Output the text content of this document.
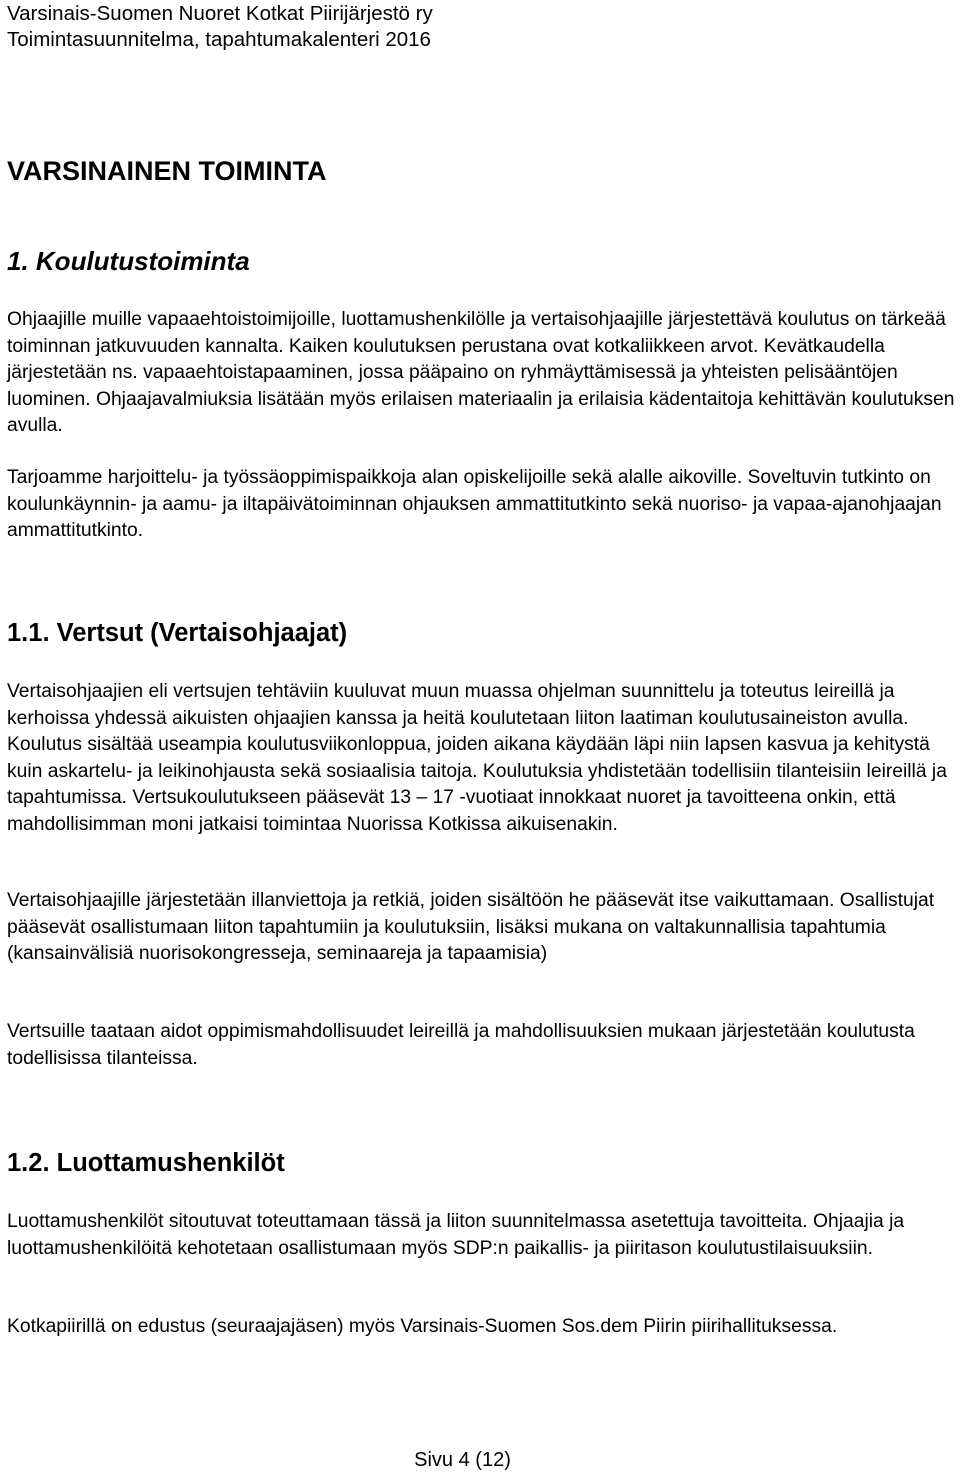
Varsinais-Suomen Nuoret Kotkat Piirijärjestö ry
Toimintasuunnitelma, tapahtumakalenteri 2016
VARSINAINEN TOIMINTA
1. Koulutustoiminta

Ohjaajille muille vapaaehtoistoimijoille, luottamushenkilölle ja vertaisohjaajille järjestettävä koulutus on tärkeää toiminnan jatkuvuuden kannalta. Kaiken koulutuksen perustana ovat kotkaliikkeen arvot. Kevätkaudella järjestetään ns. vapaaehtoistapaaminen, jossa pääpaino on ryhmäyttämisessä ja yhteisten pelisääntöjen luominen. Ohjaajavalmiuksia lisätään myös erilaisen materiaalin ja erilaisia kädentaitoja kehittävän koulutuksen avulla.

Tarjoamme harjoittelu- ja työssäoppimispaikkoja alan opiskelijoille sekä alalle aikoville. Soveltuvin tutkinto on koulunkäynnin- ja aamu- ja iltapäivätoiminnan ohjauksen ammattitutkinto sekä nuoriso- ja vapaa-ajanohjaajan ammattitutkinto.

1.1. Vertsut (Vertaisohjaajat)

Vertaisohjaajien eli vertsujen tehtäviin kuuluvat muun muassa ohjelman suunnittelu ja toteutus leireillä ja kerhoissa yhdessä aikuisten ohjaajien kanssa ja heitä koulutetaan liiton laatiman koulutusaineiston avulla. Koulutus sisältää useampia koulutusviikonloppua, joiden aikana käydään läpi niin lapsen kasvua ja kehitystä kuin askartelu- ja leikinohjausta sekä sosiaalisia taitoja. Koulutuksia yhdistetään todellisiin tilanteisiin leireillä ja tapahtumissa. Vertsukoulutukseen pääsevät 13 – 17 -vuotiaat innokkaat nuoret ja tavoitteena onkin, että mahdollisimman moni jatkaisi toimintaa Nuorissa Kotkissa aikuisenakin.

Vertaisohjaajille järjestetään illanviettoja ja retkiä, joiden sisältöön he pääsevät itse vaikuttamaan. Osallistujat pääsevät osallistumaan liiton tapahtumiin ja koulutuksiin, lisäksi mukana on valtakunnallisia tapahtumia (kansainvälisiä nuorisokongresseja, seminaareja ja tapaamisia)

Vertsuille taataan aidot oppimismahdollisuudet leireillä ja mahdollisuuksien mukaan järjestetään koulutusta todellisissa tilanteissa.

1.2. Luottamushenkilöt

Luottamushenkilöt sitoutuvat toteuttamaan tässä ja liiton suunnitelmassa asetettuja tavoitteita. Ohjaajia ja luottamushenkilöitä kehotetaan osallistumaan myös SDP:n paikallis- ja piiritason koulutustilaisuuksiin.

Kotkapiirillä on edustus (seuraajajäsen) myös Varsinais-Suomen Sos.dem Piirin piirihallituksessa.

Sivu 4 (12)
